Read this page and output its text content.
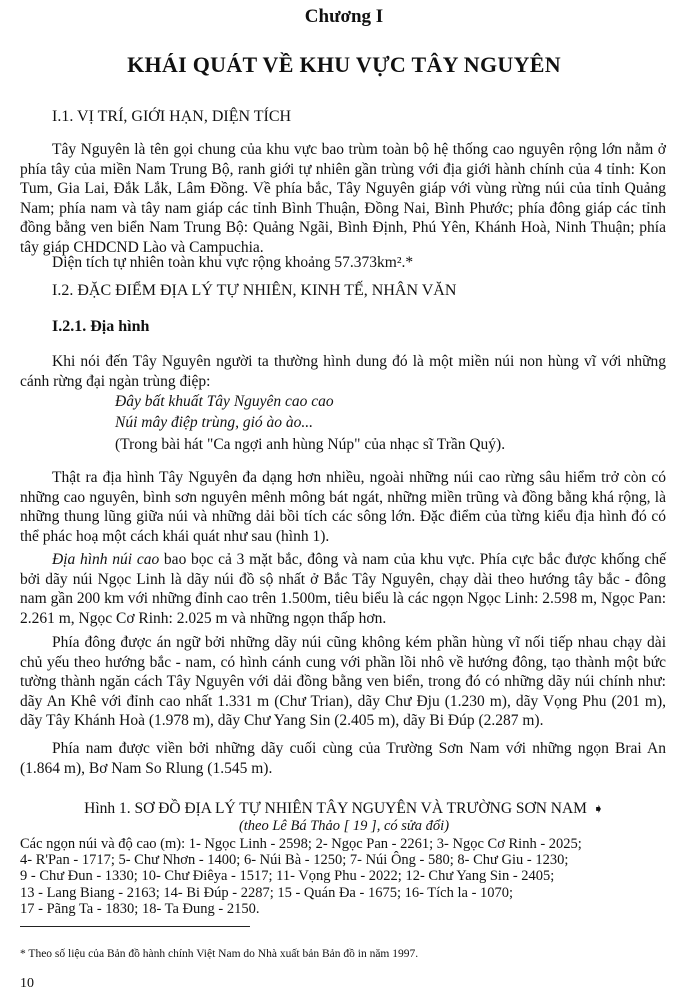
Chương I
KHÁI QUÁT VỀ KHU VỰC TÂY NGUYÊN
I.1. VỊ TRÍ, GIỚI HẠN, DIỆN TÍCH

Tây Nguyên là tên gọi chung của khu vực bao trùm toàn bộ hệ thống cao nguyên rộng lớn nằm ở phía tây của miền Nam Trung Bộ, ranh giới tự nhiên gần trùng với địa giới hành chính của 4 tỉnh: Kon Tum, Gia Lai, Đắk Lắk, Lâm Đồng. Về phía bắc, Tây Nguyên giáp với vùng rừng núi của tỉnh Quảng Nam; phía nam và tây nam giáp các tỉnh Bình Thuận, Đồng Nai, Bình Phước; phía đông giáp các tỉnh đồng bằng ven biển Nam Trung Bộ: Quảng Ngãi, Bình Định, Phú Yên, Khánh Hoà, Ninh Thuận; phía tây giáp CHDCND Lào và Campuchia.

Diện tích tự nhiên toàn khu vực rộng khoảng 57.373km².*

I.2. ĐẶC ĐIỂM ĐỊA LÝ TỰ NHIÊN, KINH TẾ, NHÂN VĂN
I.2.1. Địa hình

Khi nói đến Tây Nguyên người ta thường hình dung đó là một miền núi non hùng vĩ với những cánh rừng đại ngàn trùng điệp:

Đây bất khuất Tây Nguyên cao cao
Núi mây điệp trùng, gió ào ào...
(Trong bài hát "Ca ngợi anh hùng Núp" của nhạc sĩ Trần Quý).

Thật ra địa hình Tây Nguyên đa dạng hơn nhiều, ngoài những núi cao rừng sâu hiểm trở còn có những cao nguyên, bình sơn nguyên mênh mông bát ngát, những miền trũng và đồng bằng khá rộng, là những thung lũng giữa núi và những dải bồi tích các sông lớn. Đặc điểm của từng kiểu địa hình đó có thể phác hoạ một cách khái quát như sau (hình 1).

Địa hình núi cao bao bọc cả 3 mặt bắc, đông và nam của khu vực. Phía cực bắc được khống chế bởi dãy núi Ngọc Linh là dãy núi đồ sộ nhất ở Bắc Tây Nguyên, chạy dài theo hướng tây bắc - đông nam gần 200 km với những đỉnh cao trên 1.500m, tiêu biểu là các ngọn Ngọc Linh: 2.598 m, Ngọc Pan: 2.261 m, Ngọc Cơ Rinh: 2.025 m và những ngọn thấp hơn.

Phía đông được án ngữ bởi những dãy núi cũng không kém phần hùng vĩ nối tiếp nhau chạy dài chủ yếu theo hướng bắc - nam, có hình cánh cung với phần lồi nhô về hướng đông, tạo thành một bức tường thành ngăn cách Tây Nguyên với dải đồng bằng ven biển, trong đó có những dãy núi chính như: dãy An Khê với đỉnh cao nhất 1.331 m (Chư Trian), dãy Chư Đju (1.230 m), dãy Vọng Phu (201 m), dãy Tây Khánh Hoà (1.978 m), dãy Chư Yang Sin (2.405 m), dãy Bi Đúp (2.287 m).

Phía nam được viền bởi những dãy cuối cùng của Trường Sơn Nam với những ngọn Brai An (1.864 m), Bơ Nam So Rlung (1.545 m).

Hình 1. SƠ ĐỒ ĐỊA LÝ TỰ NHIÊN TÂY NGUYÊN VÀ TRƯỜNG SƠN NAM ➧
(theo Lê Bá Thảo [ 19 ], có sửa đổi)
Các ngọn núi và độ cao (m): 1- Ngọc Linh - 2598; 2- Ngọc Pan - 2261; 3- Ngọc Cơ Rinh - 2025;
4- R'Pan - 1717; 5- Chư Nhơn - 1400; 6- Núi Bà - 1250; 7- Núi Ông - 580; 8- Chư Giu - 1230;
9 - Chư Đun - 1330; 10- Chư Điêya - 1517; 11- Vọng Phu - 2022; 12- Chư Yang Sin - 2405;
13 - Lang Biang - 2163; 14- Bi Đúp - 2287; 15 - Quán Đa - 1675; 16- Tích la - 1070;
17 - Pãng Ta - 1830; 18- Ta Đung - 2150.
* Theo số liệu của Bản đồ hành chính Việt Nam do Nhà xuất bản Bản đồ in năm 1997.
10
